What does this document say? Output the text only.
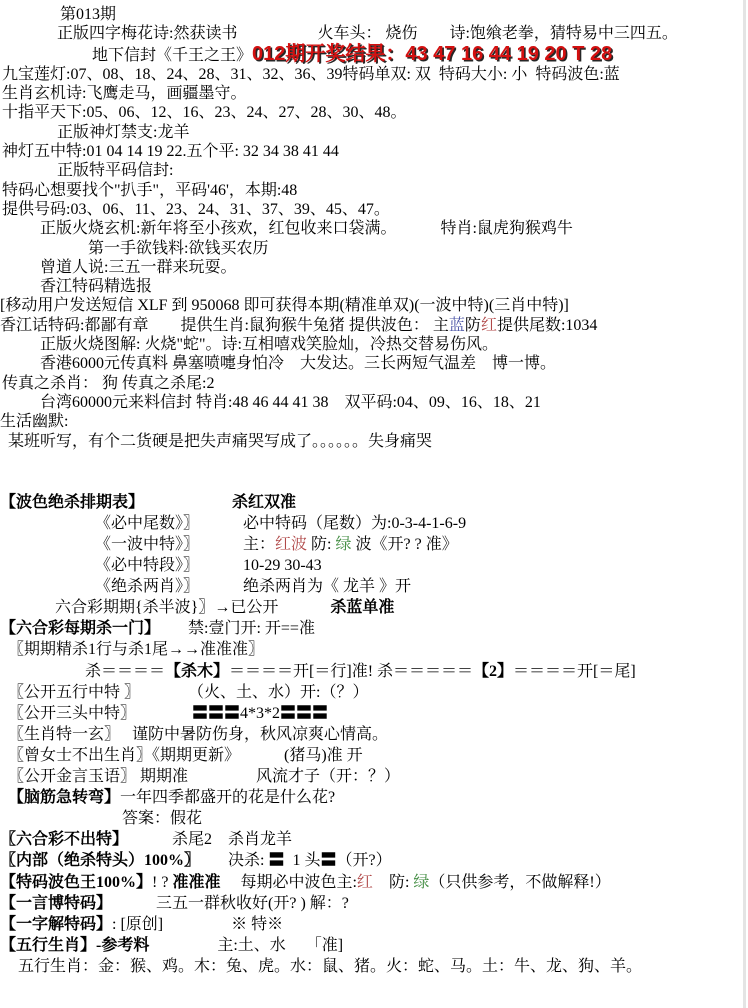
第013期
正版四字梅花诗:然获读书　　　　　火车头： 烧伤　　诗:饱飨老拳，猜特易中三四五。
地下信封《千王之王》012期开奖结果：43 47 16 44 19 20 T 28
九宝莲灯:07、08、18、24、28、31、32、36、39特码单双: 双  特码大小: 小  特码波色:蓝
生肖玄机诗:飞鹰走马，画疆墨守。
十指平天下:05、06、12、16、23、24、27、28、30、48。
正版神灯禁支:龙羊
神灯五中特:01 04 14 19 22.五个平: 32 34 38 41 44
正版特平码信封:
特码心想要找个"扒手"，平码'46'，本期:48
提供号码:03、06、11、23、24、31、37、39、45、47。
正版火烧玄机:新年将至小孩欢，红包收来口袋满。　　　 特肖:鼠虎狗猴鸡牛
第一手欲钱料:欲钱买农历
曾道人说:三五一群来玩耍。
香江特码精选报
[移动用户发送短信 XLF 到 950068 即可获得本期(精准单双)(一波中特)(三肖中特)]
香江话特码:都鄙有章　　提供生肖:鼠狗猴牛兔猪 提供波色： 主蓝防红提供尾数:1034
正版火烧图解: 火烧"蛇"。诗:互相嘻戏笑脸灿，冷热交替易伤风。
香港6000元传真料 鼻塞喷嚏身怕冷　大发达。三长两短气温差　博一博。
传真之杀肖： 狗 传真之杀尾:2
台湾60000元来料信封 特肖:48 46 44 41 38　双平码:04、09、16、18、21
生活幽默:
某班听写，有个二货硬是把失声痛哭写成了。。。。。。失身痛哭
【波色绝杀排期表】　　　　　　	杀红双准
《必中尾数》〗　　　 必中特码（尾数）为:0-3-4-1-6-9
《一波中特》〗　　　 主：红波 防: 绿 波《开? ? 准》
《必中特段》〗　　　 10-29 30-43
《绝杀两肖》〗　　　 绝杀两肖为《 龙羊 》开
六合彩期期{杀半波}〗→已公开　　　 杀蓝单准
【六合彩每期杀一门】　　 禁:壹门开: 开==准
〖期期精杀1行与杀1尾→→准准准〗
杀＝＝＝＝【杀木】＝＝＝＝开[＝行]准! 杀＝＝＝＝＝【2】＝＝＝＝开[＝尾]
〖公开五行中特 〗　　　　（火、土、水）开:（？）
〖公开三头中特〗　　　　〓〓〓4*3*2〓〓〓
〖生肖特一玄〗　 谨防中暑防伤身，秋风凉爽心情高。
〖曾女士不出生肖〗《期期更新》　　　 (猪马)准 开
〖公开金言玉语〗 期期准　　　　 风流才子（开：？）
【脑筋急转弯】一年四季都盛开的花是什么花?
答案：假花
〖六合彩不出特】　　　 杀尾2　杀肖龙羊
〖内部（绝杀特头）100%〗　　 决杀: 〓  1 头〓（开?）
【特码波色王100%】! ? 准准准　 每期必中波色主:红　防: 绿（只供参考，不做解释!）
【一言博特码】　　　 三五一群秋收好(开? ) 解：?
【一字解特码】: [原创]　　　　 ※ 特※
【五行生肖】-参考料　　　　 主:土、水　 「准]
五行生肖：金：猴、鸡。木：兔、虎。水：鼠、猪。火：蛇、马。土：牛、龙、狗、羊。
